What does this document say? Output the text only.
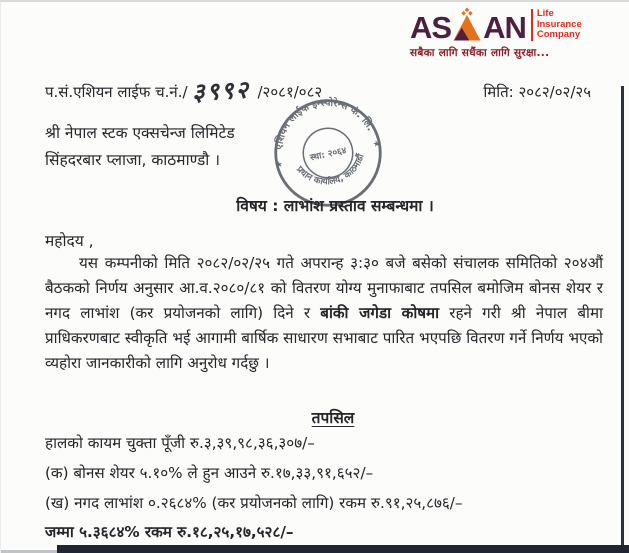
AS AN Life
Insurance
Company
सबैका लागि सधैंका लागि सुरक्षा...
प.सं.एशियन लाईफ च.नं./ ३९९२ /२०८१/०८२	मिति: २०८२/०२/२५
श्री नेपाल स्टक एक्सचेन्ज लिमिटेड
सिंहदरबार प्लाजा, काठमाण्डौ ।
एशियन लाईफ इन्स्योरेन्स कं. लि.
प्रधान कार्यालय, काठमाडौं
स्था: २०६४
★
★
विषय : लाभांश प्रस्ताव सम्बन्धमा ।
महोदय ,

यस कम्पनीको मिति २०८२/०२/२५ गते अपरान्ह ३:३० बजे बसेको संचालक समितिको २०४औं बैठकको निर्णय अनुसार आ.व.२०८०/८१ को वितरण योग्य मुनाफाबाट तपसिल बमोजिम बोनस शेयर र नगद लाभांश (कर प्रयोजनको लागि) दिने र बांकी जगेडा कोषमा रहने गरी श्री नेपाल बीमा प्राधिकरणबाट स्वीकृति भई आगामी बार्षिक साधारण सभाबाट पारित भएपछि वितरण गर्ने निर्णय भएको व्यहोरा जानकारीको लागि अनुरोध गर्दछु ।

तपसिल
हालको कायम चुक्ता पूँजी रु.३,३९,९८,३६,३०७/–
(क) बोनस शेयर ५.१०% ले हुन आउने रु.१७,३३,९१,६५२/–
(ख) नगद लाभांश ०.२६८४% (कर प्रयोजनको लागि) रकम रु.९१,२५,८७६/–
जम्मा ५.३६८४% रकम रु.१८,२५,१७,५२८/–
